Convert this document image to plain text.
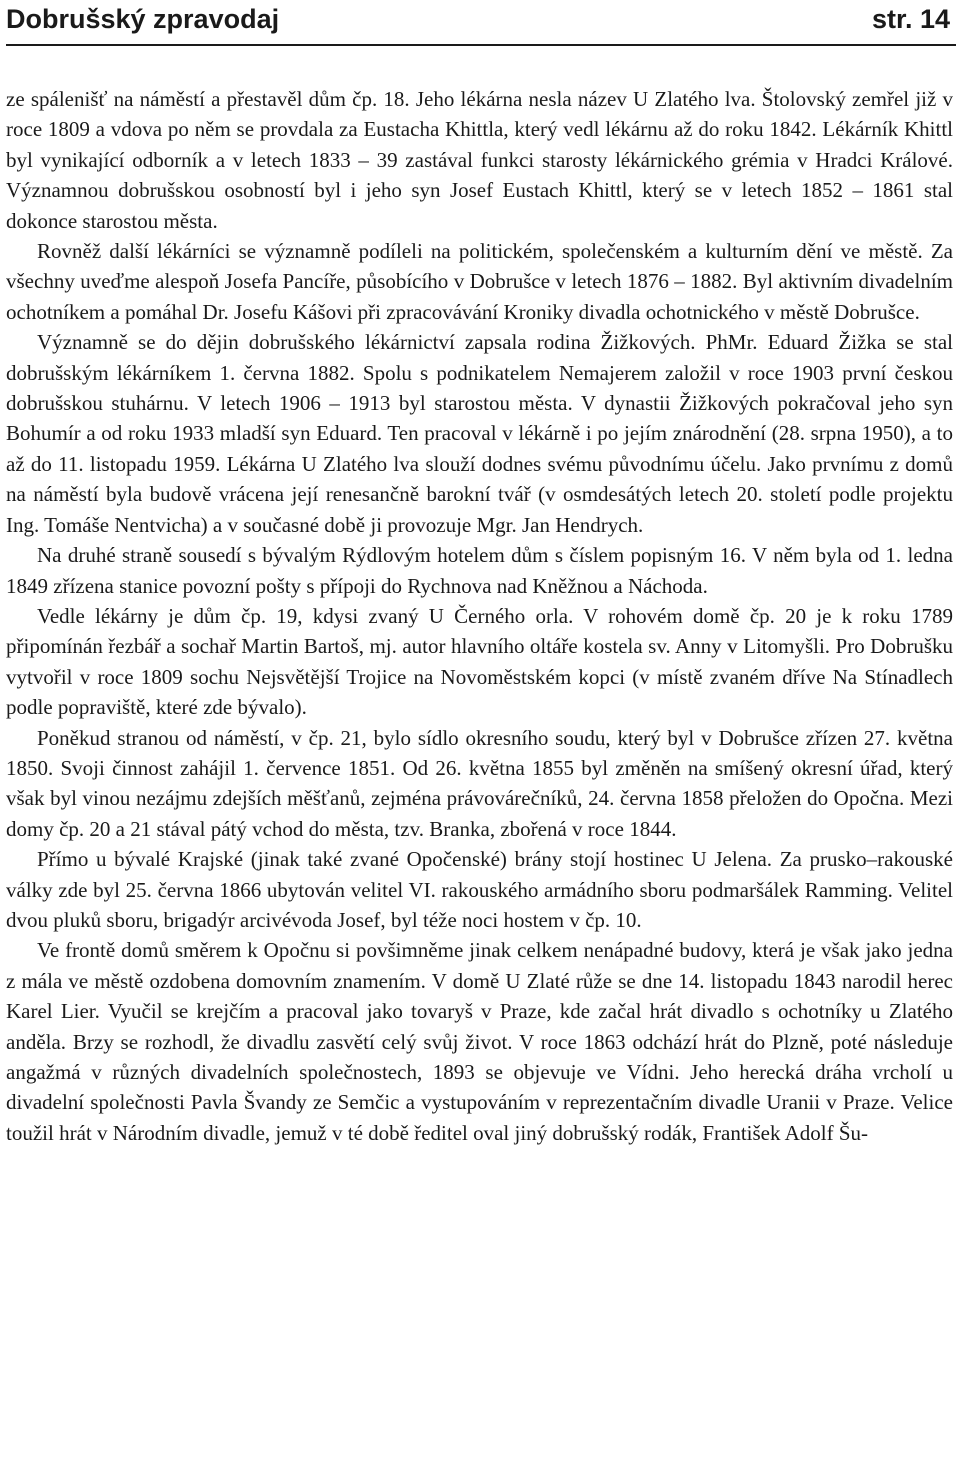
Dobrušský zpravodaj	str. 14

ze spálenišť na náměstí a přestavěl dům čp. 18. Jeho lékárna nesla název U Zlatého lva. Štolovský zemřel již v roce 1809 a vdova po něm se provdala za Eustacha Khittla, který vedl lékárnu až do roku 1842. Lékárník Khittl byl vynikající odborník a v letech 1833 – 39 zastával funkci starosty lékárnického grémia v Hradci Králové. Významnou dobrušskou osobností byl i jeho syn Josef Eustach Khittl, který se v letech 1852 – 1861 stal dokonce starostou města.

Rovněž další lékárníci se významně podíleli na politickém, společenském a kulturním dění ve městě. Za všechny uveďme alespoň Josefa Pancíře, působícího v Dobrušce v letech 1876 – 1882. Byl aktivním divadelním ochotníkem a pomáhal Dr. Josefu Kášovi při zpracovávání Kroniky divadla ochotnického v městě Dobrušce.

Významně se do dějin dobrušského lékárnictví zapsala rodina Žižkových. PhMr. Eduard Žižka se stal dobrušským lékárníkem 1. června 1882. Spolu s podnikatelem Nemajerem založil v roce 1903 první českou dobrušskou stuhárnu. V letech 1906 – 1913 byl starostou města. V dynastii Žižkových pokračoval jeho syn Bohumír a od roku 1933 mladší syn Eduard. Ten pracoval v lékárně i po jejím znárodnění (28. srpna 1950), a to až do 11. listopadu 1959. Lékárna U Zlatého lva slouží dodnes svému původnímu účelu. Jako prvnímu z domů na náměstí byla budově vrácena její renesančně barokní tvář (v osmdesátých letech 20. století podle projektu Ing. Tomáše Nentvicha) a v současné době ji provozuje Mgr. Jan Hendrych.

Na druhé straně sousedí s bývalým Rýdlovým hotelem dům s číslem popisným 16. V něm byla od 1. ledna 1849 zřízena stanice povozní pošty s přípoji do Rychnova nad Kněžnou a Náchoda.

Vedle lékárny je dům čp. 19, kdysi zvaný U Černého orla. V rohovém domě čp. 20 je k roku 1789 připomínán řezbář a sochař Martin Bartoš, mj. autor hlavního oltáře kostela sv. Anny v Litomyšli. Pro Dobrušku vytvořil v roce 1809 sochu Nejsvětější Trojice na Novoměstském kopci (v místě zvaném dříve Na Stínadlech podle popraviště, které zde bývalo).

Poněkud stranou od náměstí, v čp. 21, bylo sídlo okresního soudu, který byl v Dobrušce zřízen 27. května 1850. Svoji činnost zahájil 1. července 1851. Od 26. května 1855 byl změněn na smíšený okresní úřad, který však byl vinou nezájmu zdejších měšťanů, zejména právovárečníků, 24. června 1858 přeložen do Opočna. Mezi domy čp. 20 a 21 stával pátý vchod do města, tzv. Branka, zbořená v roce 1844.

Přímo u bývalé Krajské (jinak také zvané Opočenské) brány stojí hostinec U Jelena. Za prusko–rakouské války zde byl 25. června 1866 ubytován velitel VI. rakouského armádního sboru podmaršálek Ramming. Velitel dvou pluků sboru, brigadýr arcivévoda Josef, byl téže noci hostem v čp. 10.

Ve frontě domů směrem k Opočnu si povšimněme jinak celkem nenápadné budovy, která je však jako jedna z mála ve městě ozdobena domovním znamením. V domě U Zlaté růže se dne 14. listopadu 1843 narodil herec Karel Lier. Vyučil se krejčím a pracoval jako tovaryš v Praze, kde začal hrát divadlo s ochotníky u Zlatého anděla. Brzy se rozhodl, že divadlu zasvětí celý svůj život. V roce 1863 odchází hrát do Plzně, poté následuje angažmá v různých divadelních společnostech, 1893 se objevuje ve Vídni. Jeho herecká dráha vrcholí u divadelní společnosti Pavla Švandy ze Semčic a vystupováním v reprezentačním divadle Uranii v Praze. Velice toužil hrát v Národním divadle, jemuž v té době ředitel oval jiný dobrušský rodák, František Adolf Šu-
